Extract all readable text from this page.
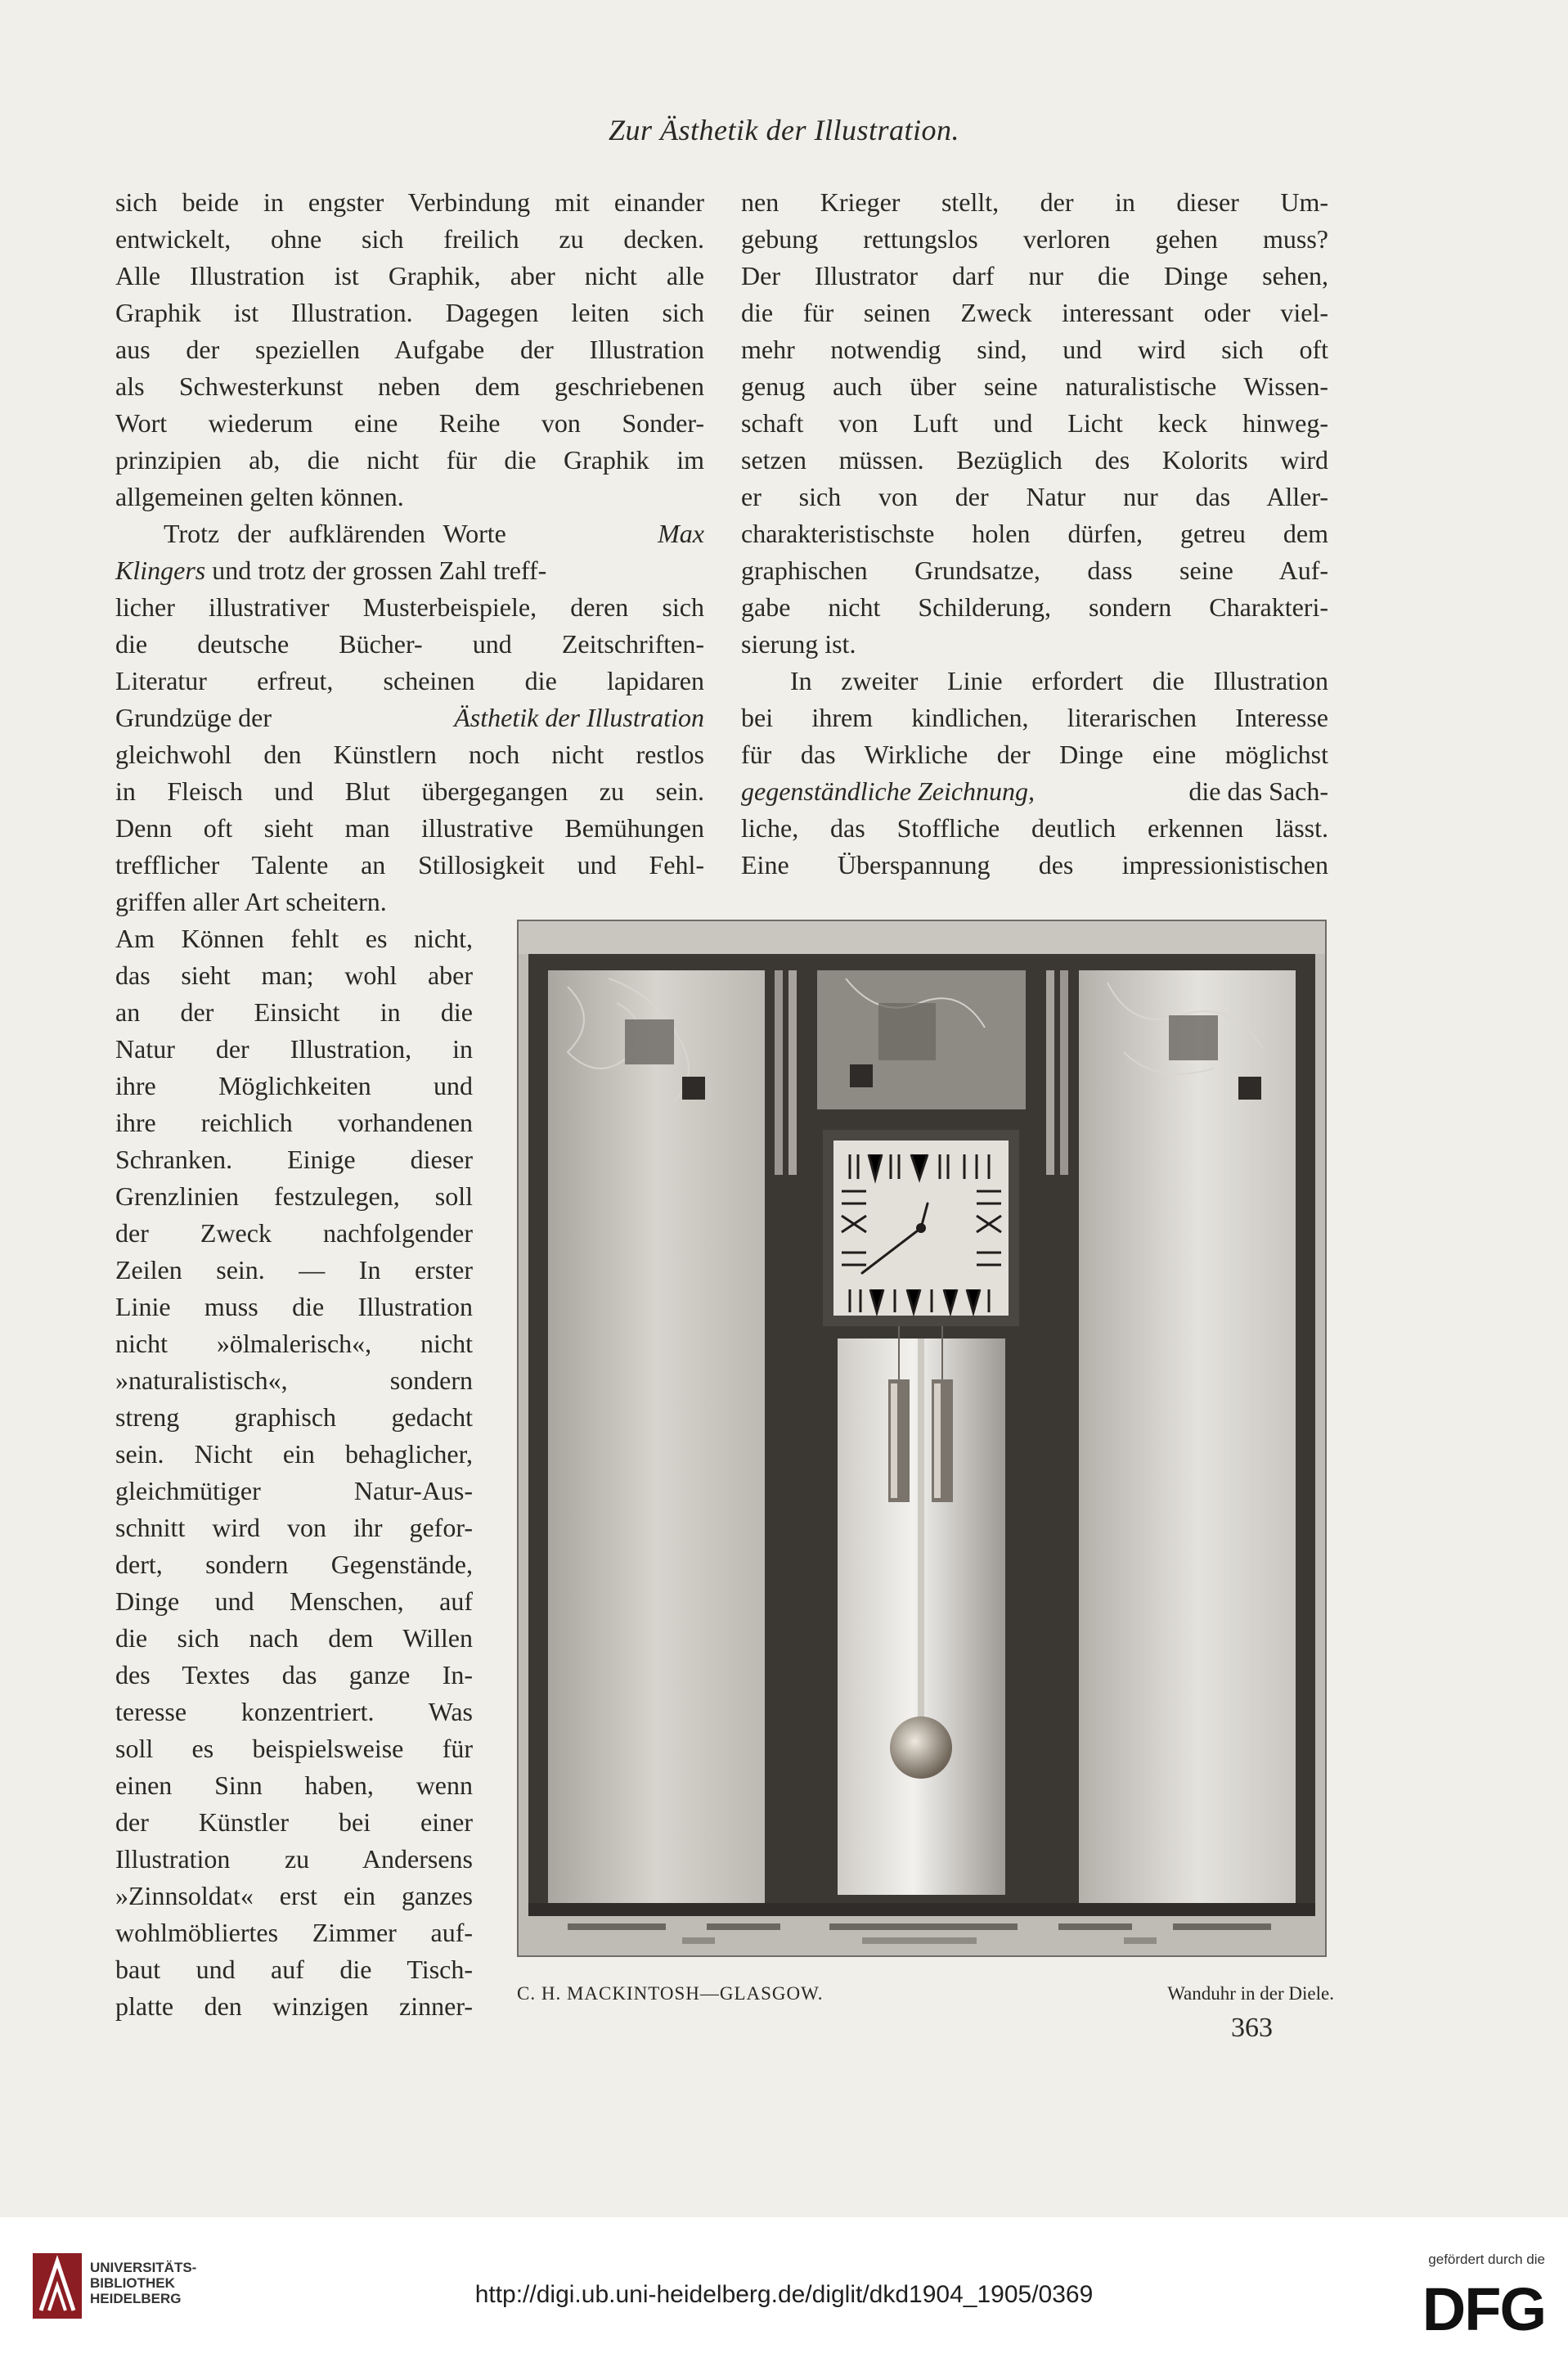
Zur Ästhetik der Illustration.
sich beide in engster Verbindung mit einander
entwickelt, ohne sich freilich zu decken.
Alle Illustration ist Graphik, aber nicht alle
Graphik ist Illustration. Dagegen leiten sich
aus der speziellen Aufgabe der Illustration
als Schwesterkunst neben dem geschriebenen
Wort wiederum eine Reihe von Sonder-
prinzipien ab, die nicht für die Graphik im
allgemeinen gelten können.
Trotz der aufklärenden Worte	Max
Klingers und trotz der grossen Zahl treff-
licher illustrativer Musterbeispiele, deren sich
die deutsche Bücher- und Zeitschriften-
Literatur erfreut, scheinen die lapidaren
Grundzüge der	Ästhetik der Illustration
gleichwohl den Künstlern noch nicht restlos
in Fleisch und Blut übergegangen zu sein.
Denn oft sieht man illustrative Bemühungen
trefflicher Talente an Stillosigkeit und Fehl-
griffen aller Art scheitern.
Am Können fehlt es nicht,
das sieht man; wohl aber
an der Einsicht in die
Natur der Illustration, in
ihre Möglichkeiten und
ihre reichlich vorhandenen
Schranken. Einige dieser
Grenzlinien festzulegen, soll
der Zweck nachfolgender
Zeilen sein. — In erster
Linie muss die Illustration
nicht »ölmalerisch«, nicht
»naturalistisch«, sondern
streng graphisch gedacht
sein. Nicht ein behaglicher,
gleichmütiger Natur-Aus-
schnitt wird von ihr gefor-
dert, sondern Gegenstände,
Dinge und Menschen, auf
die sich nach dem Willen
des Textes das ganze In-
teresse konzentriert. Was
soll es beispielsweise für
einen Sinn haben, wenn
der Künstler bei einer
Illustration zu Andersens
»Zinnsoldat« erst ein ganzes
wohlmöbliertes Zimmer auf-
baut und auf die Tisch-
platte den winzigen zinner-
nen Krieger stellt, der in dieser Um-
gebung rettungslos verloren gehen muss?
Der Illustrator darf nur die Dinge sehen,
die für seinen Zweck interessant oder viel-
mehr notwendig sind, und wird sich oft
genug auch über seine naturalistische Wissen-
schaft von Luft und Licht keck hinweg-
setzen müssen. Bezüglich des Kolorits wird
er sich von der Natur nur das Aller-
charakteristischste holen dürfen, getreu dem
graphischen Grundsatze, dass seine Auf-
gabe nicht Schilderung, sondern Charakteri-
sierung ist.
In zweiter Linie erfordert die Illustration
bei ihrem kindlichen, literarischen Interesse
für das Wirkliche der Dinge eine möglichst
gegenständliche Zeichnung,	die das Sach-
liche, das Stoffliche deutlich erkennen lässt.
Eine Überspannung des impressionistischen
C. H. MACKINTOSH—GLASGOW.	Wanduhr in der Diele.
363
UNIVERSITÄTS-
BIBLIOTHEK
HEIDELBERG	http://digi.ub.uni-heidelberg.de/diglit/dkd1904_1905/0369
gefördert durch die
DFG
